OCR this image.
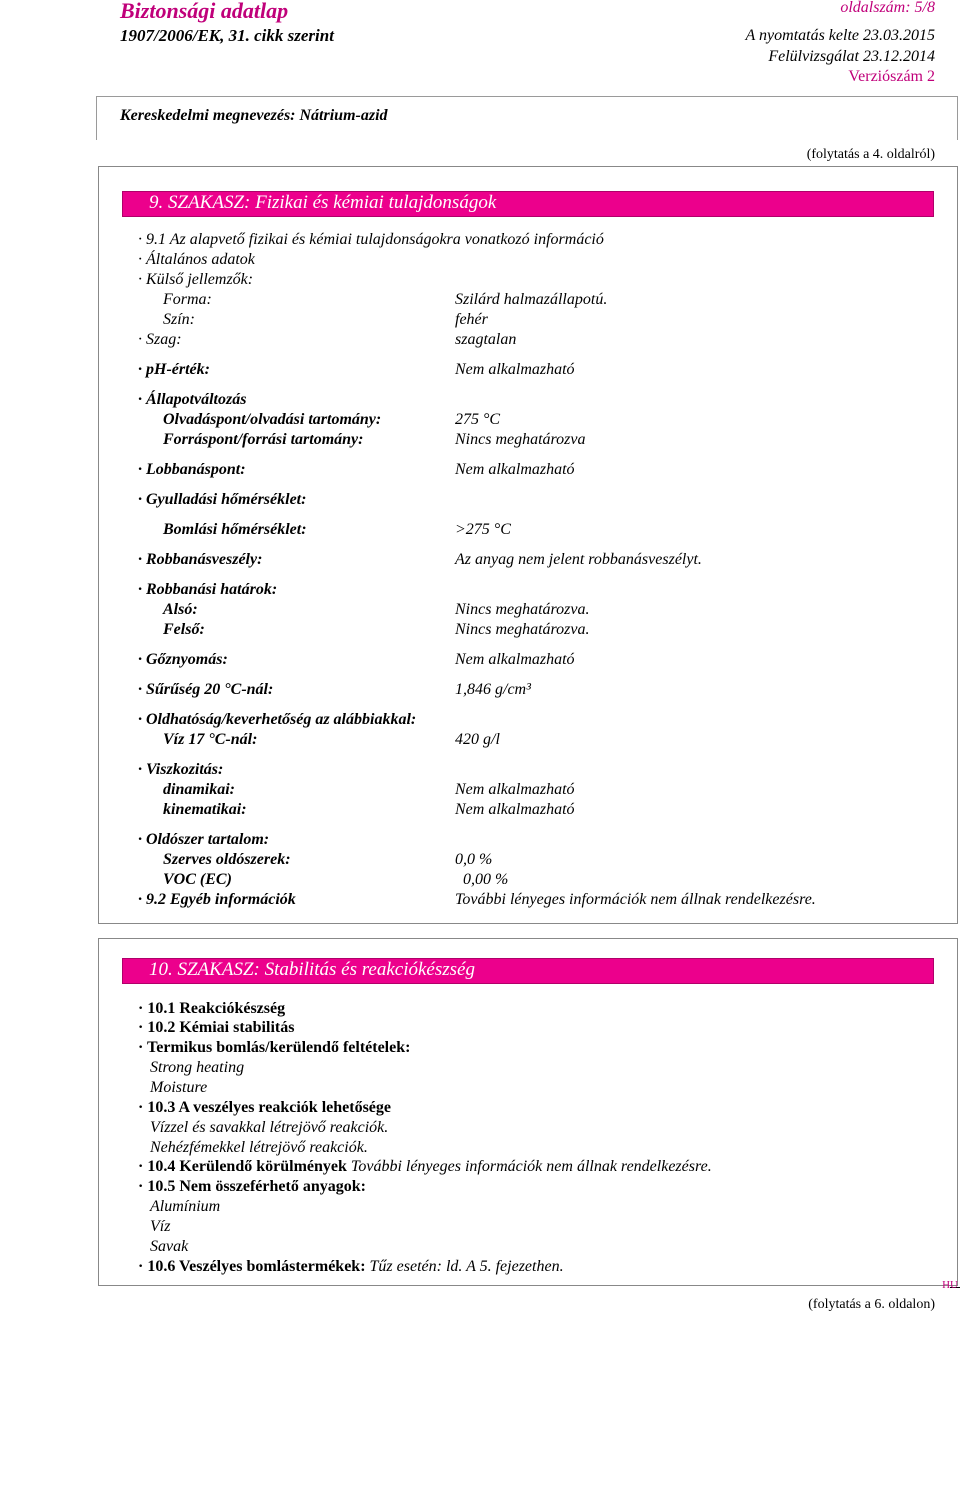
Biztonsági adatlap
1907/2006/EK, 31. cikk szerint
oldalszám: 5/8
A nyomtatás kelte 23.03.2015
Felülvizsgálat 23.12.2014
Verziószám 2
Kereskedelmi megnevezés: Nátrium-azid
(folytatás a 4. oldalról)
9. SZAKASZ: Fizikai és kémiai tulajdonságok
· 9.1 Az alapvető fizikai és kémiai tulajdonságokra vonatkozó információ
· Általános adatok
· Külső jellemzők:
Forma:	Szilárd halmazállapotú.
Szín:	fehér
· Szag:	szagtalan
· pH-érték:	Nem alkalmazható
· Állapotváltozás
Olvadáspont/olvadási tartomány:	275 °C
Forráspont/forrási tartomány:	Nincs meghatározva
· Lobbanáspont:	Nem alkalmazható
· Gyulladási hőmérséklet:
Bomlási hőmérséklet:	>275 °C
· Robbanásveszély:	Az anyag nem jelent robbanásveszélyt.
· Robbanási határok:
Alsó:	Nincs meghatározva.
Felső:	Nincs meghatározva.
· Gőznyomás:	Nem alkalmazható
· Sűrűség 20 °C-nál:	1,846 g/cm³
· Oldhatóság/keverhetőség az alábbiakkal:
Víz 17 °C-nál:	420 g/l
· Viszkozitás:
dinamikai:	Nem alkalmazható
kinematikai:	Nem alkalmazható
· Oldószer tartalom:
Szerves oldószerek:	0,0 %
VOC (EC)	0,00 %
· 9.2 Egyéb információk	További lényeges információk nem állnak rendelkezésre.
10. SZAKASZ: Stabilitás és reakciókészség
· 10.1 Reakciókészség
· 10.2 Kémiai stabilitás
· Termikus bomlás/kerülendő feltételek:
Strong heating
Moisture
· 10.3 A veszélyes reakciók lehetősége
Vízzel és savakkal létrejövő reakciók.
Nehézfémekkel létrejövő reakciók.
· 10.4 Kerülendő körülmények További lényeges információk nem állnak rendelkezésre.
· 10.5 Nem összeférhető anyagok:
Alumínium
Víz
Savak
· 10.6 Veszélyes bomlástermékek: Tűz esetén: ld. A 5. fejezethen.
HU
(folytatás a 6. oldalon)
